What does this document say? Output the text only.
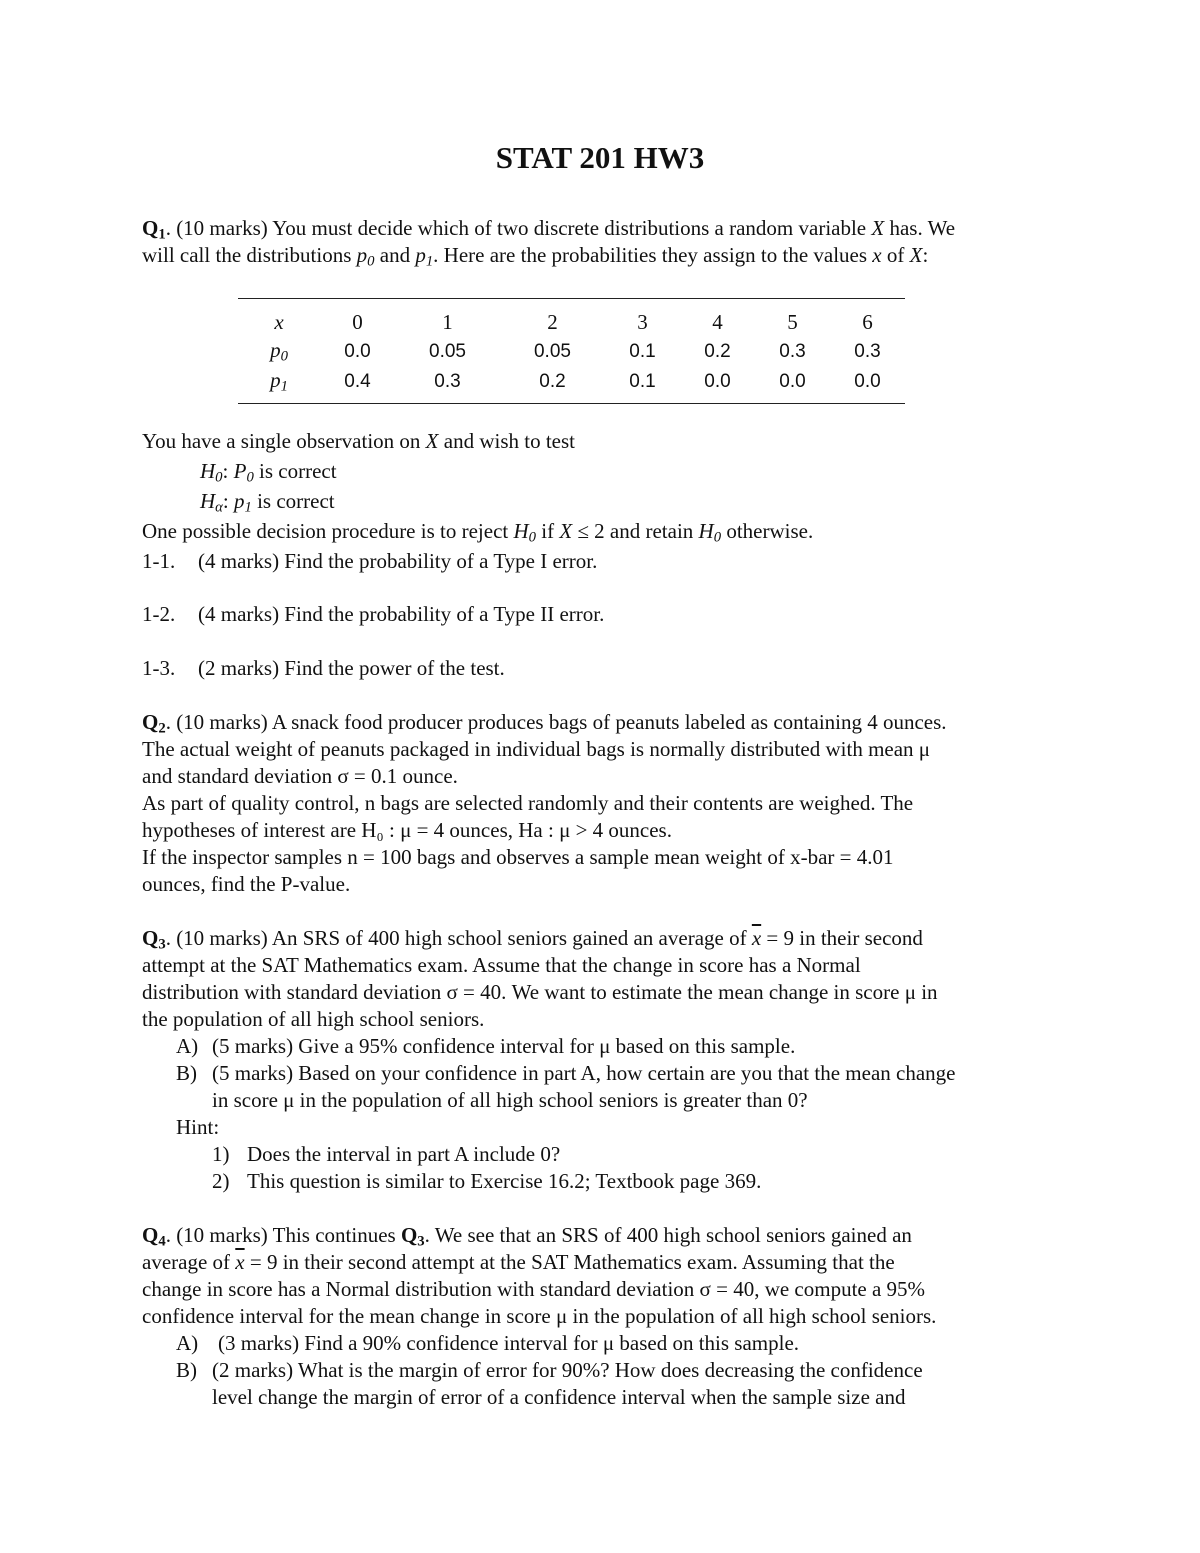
STAT 201 HW3
$Q_1$. (10 marks) You must decide which of two discrete distributions a random variable X has. We
will call the distributions $p_0$ and $p_1$. Here are the probabilities they assign to the values x of X:
x	0	1	2	3	4	5	6
$p_0$	0.0	0.05	0.05	0.1	0.2	0.3	0.3
$p_1$	0.4	0.3	0.2	0.1	0.0	0.0	0.0
You have a single observation on X and wish to test
$H_0$: $P_0$ is correct
$H_\alpha$: $p_1$ is correct
One possible decision procedure is to reject $H_0$ if X ≤ 2 and retain $H_0$ otherwise.
1-1. (4 marks) Find the probability of a Type I error.
1-2. (4 marks) Find the probability of a Type II error.
1-3. (2 marks) Find the power of the test.
$Q_2$. (10 marks) A snack food producer produces bags of peanuts labeled as containing 4 ounces.
The actual weight of peanuts packaged in individual bags is normally distributed with mean μ
and standard deviation σ = 0.1 ounce.
As part of quality control, n bags are selected randomly and their contents are weighed. The
hypotheses of interest are H₀ : μ = 4 ounces, Ha : μ > 4 ounces.
If the inspector samples n = 100 bags and observes a sample mean weight of x-bar = 4.01
ounces, find the P-value.
$Q_3$. (10 marks) An SRS of 400 high school seniors gained an average of $\overline{x} = 9$ in their second
attempt at the SAT Mathematics exam. Assume that the change in score has a Normal
distribution with standard deviation σ = 40. We want to estimate the mean change in score μ in
the population of all high school seniors.
A) (5 marks) Give a 95% confidence interval for μ based on this sample.
B) (5 marks) Based on your confidence in part A, how certain are you that the mean change
in score μ in the population of all high school seniors is greater than 0?
Hint:
1) Does the interval in part A include 0?
2) This question is similar to Exercise 16.2; Textbook page 369.
$Q_4$. (10 marks) This continues $Q_3$. We see that an SRS of 400 high school seniors gained an
average of $\overline{x} = 9$ in their second attempt at the SAT Mathematics exam. Assuming that the
change in score has a Normal distribution with standard deviation σ = 40, we compute a 95%
confidence interval for the mean change in score μ in the population of all high school seniors.
A) (3 marks) Find a 90% confidence interval for μ based on this sample.
B) (2 marks) What is the margin of error for 90%? How does decreasing the confidence
level change the margin of error of a confidence interval when the sample size and
